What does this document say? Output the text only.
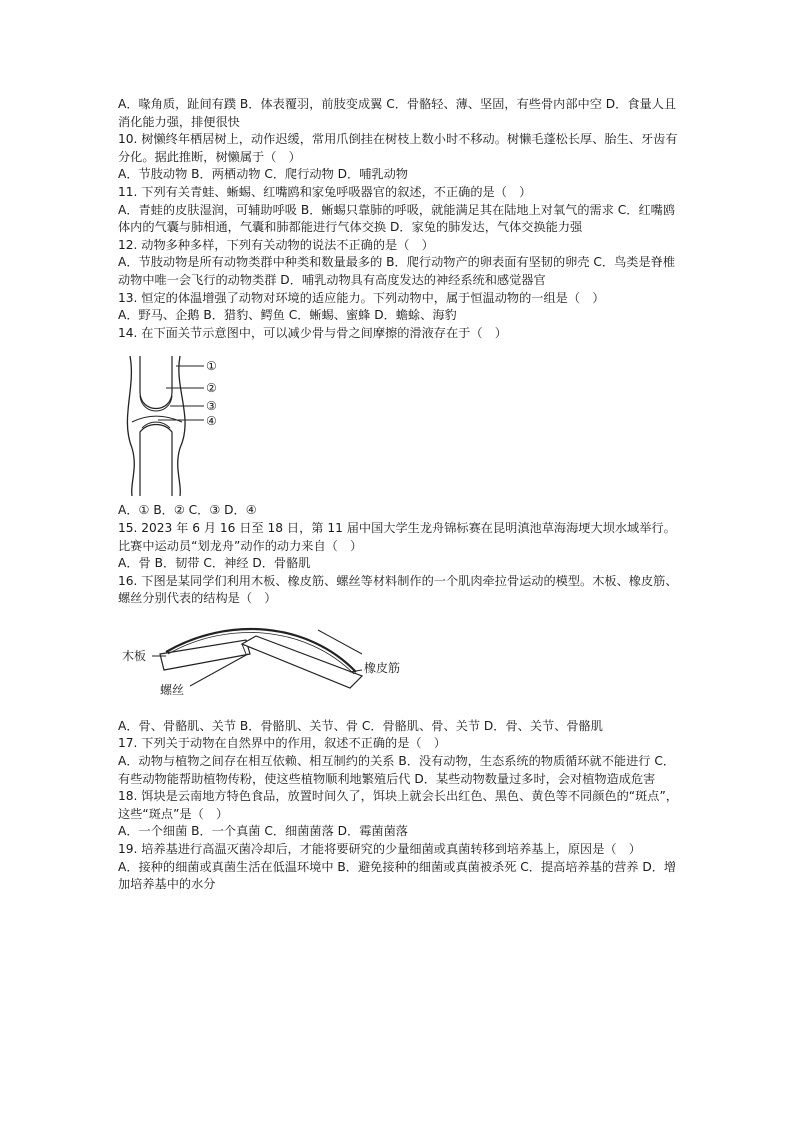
A．喙角质，趾间有蹼 B．体表覆羽，前肢变成翼 C．骨骼轻、薄、坚固，有些骨内部中空 D．食量人且消化能力强，排便很快

10. 树懒终年栖居树上，动作迟缓，常用爪倒挂在树枝上数小时不移动。树懒毛蓬松长厚、胎生、牙齿有分化。据此推断，树懒属于（　）

A．节肢动物 B．两栖动物 C．爬行动物 D．哺乳动物

11. 下列有关青蛙、蜥蜴、红嘴鸥和家兔呼吸器官的叙述，不正确的是（　）

A．青蛙的皮肤湿润，可辅助呼吸 B．蜥蜴只靠肺的呼吸，就能满足其在陆地上对氧气的需求 C．红嘴鸥体内的气囊与肺相通，气囊和肺都能进行气体交换 D．家兔的肺发达，气体交换能力强

12. 动物多种多样，下列有关动物的说法不正确的是（　）

A．节肢动物是所有动物类群中种类和数量最多的 B．爬行动物产的卵表面有坚韧的卵壳 C．鸟类是脊椎动物中唯一会飞行的动物类群 D．哺乳动物具有高度发达的神经系统和感觉器官

13. 恒定的体温增强了动物对环境的适应能力。下列动物中，属于恒温动物的一组是（　）

A．野马、企鹅 B．猎豹、鳄鱼 C．蜥蜴、蜜蜂 D．蟾蜍、海豹

14. 在下面关节示意图中，可以减少骨与骨之间摩擦的滑液存在于（　）

①
②
③
④

A．① B．② C．③ D．④

15. 2023 年 6 月 16 日至 18 日，第 11 届中国大学生龙舟锦标赛在昆明滇池草海海埂大坝水域举行。比赛中运动员“划龙舟”动作的动力来自（　）

A．骨 B．韧带 C．神经 D．骨骼肌

16. 下图是某同学们利用木板、橡皮筋、螺丝等材料制作的一个肌肉牵拉骨运动的模型。木板、橡皮筋、螺丝分别代表的结构是（　）

木板
螺丝
橡皮筋

A．骨、骨骼肌、关节 B．骨骼肌、关节、骨 C．骨骼肌、骨、关节 D．骨、关节、骨骼肌

17. 下列关于动物在自然界中的作用，叙述不正确的是（　）

A．动物与植物之间存在相互依赖、相互制约的关系 B．没有动物，生态系统的物质循环就不能进行 C．有些动物能帮助植物传粉，使这些植物顺利地繁殖后代 D．某些动物数量过多时，会对植物造成危害

18. 饵块是云南地方特色食品，放置时间久了，饵块上就会长出红色、黑色、黄色等不同颜色的“斑点”，这些“斑点”是（　）

A．一个细菌 B．一个真菌 C．细菌菌落 D．霉菌菌落

19. 培养基进行高温灭菌冷却后，才能将要研究的少量细菌或真菌转移到培养基上，原因是（　）

A．接种的细菌或真菌生活在低温环境中 B．避免接种的细菌或真菌被杀死 C．提高培养基的营养 D．增加培养基中的水分
